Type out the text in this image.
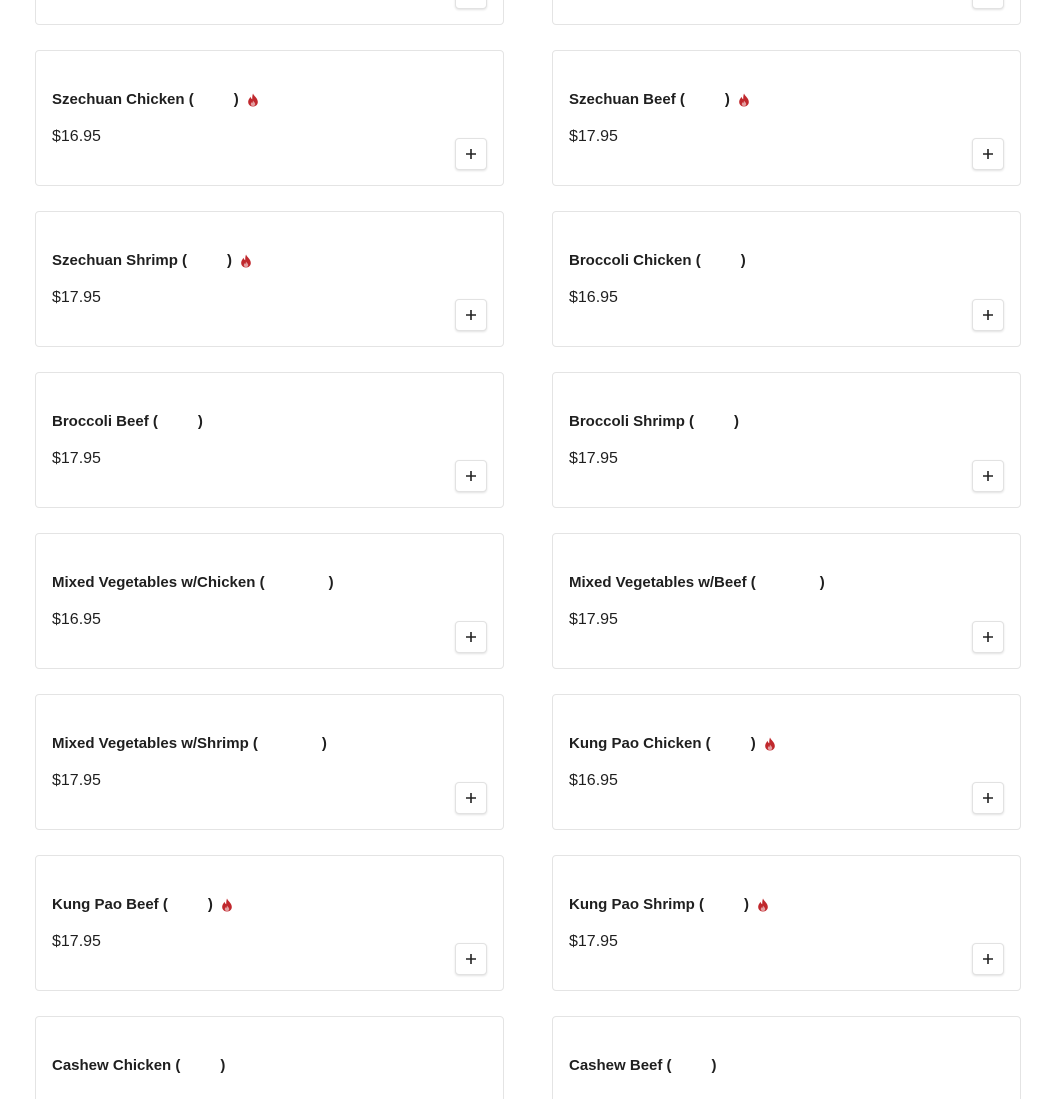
Szechuan Chicken (	)
$16.95
Szechuan Beef (	)
$17.95
Szechuan Shrimp (	)
$17.95
Broccoli Chicken (	)
$16.95
Broccoli Beef (	)
$17.95
Broccoli Shrimp (	)
$17.95
Mixed Vegetables w/Chicken (	)
$16.95
Mixed Vegetables w/Beef (	)
$17.95
Mixed Vegetables w/Shrimp (	)
$17.95
Kung Pao Chicken (	)
$16.95
Kung Pao Beef (	)
$17.95
Kung Pao Shrimp (	)
$17.95
Cashew Chicken (	)	Cashew Beef (	)
